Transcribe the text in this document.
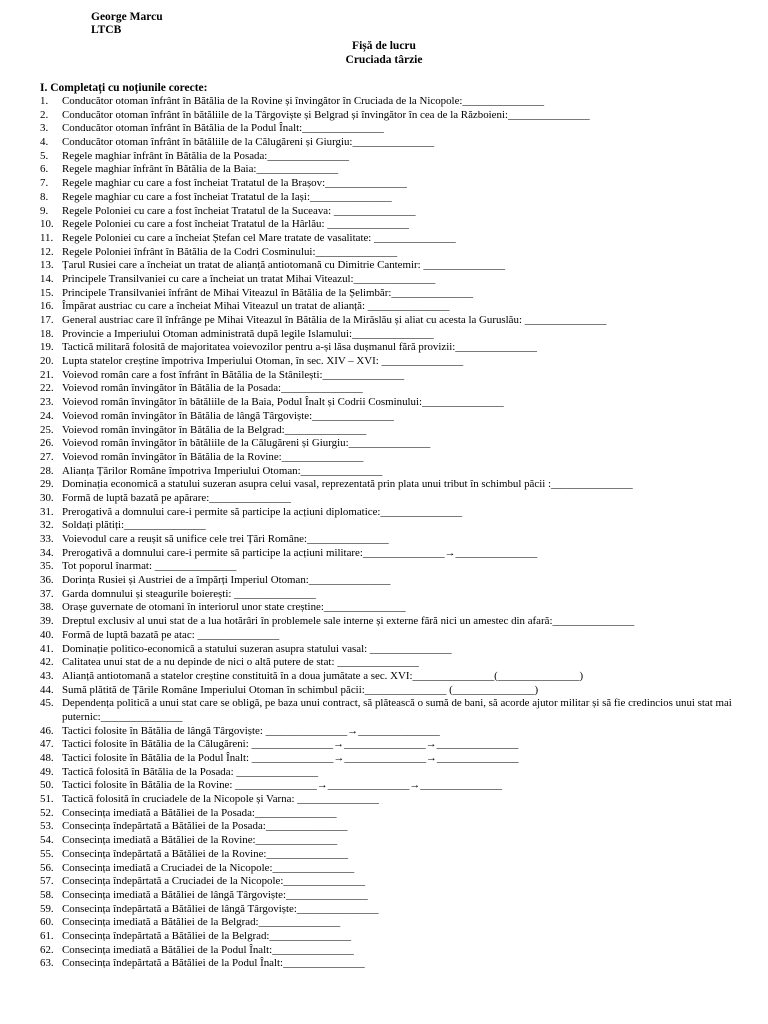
George Marcu
LTCB
Fișă de lucru
Cruciada târzie
I. Completați cu noțiunile corecte:
1.	Conducător otoman înfrânt în Bătălia de la Rovine și învingător în Cruciada de la Nicopole:_______________
2.	Conducător otoman înfrânt în bătăliile de la Târgoviște și Belgrad și învingător în cea de la Războieni:_______________
3.	Conducător otoman înfrânt în Bătălia de la Podul Înalt:_______________
4.	Conducător otoman înfrânt în bătăliile de la Călugăreni și Giurgiu:_______________
5.	Regele maghiar înfrânt în Bătălia de la Posada:_______________
6.	Regele maghiar înfrânt în Bătălia de la Baia:_______________
7.	Regele maghiar cu care a fost încheiat Tratatul de la Brașov:_______________
8.	Regele maghiar cu care a fost încheiat Tratatul de la Iași:_______________
9.	Regele Poloniei cu care a fost încheiat Tratatul de la Suceava: _______________
10. Regele Poloniei cu care a fost încheiat Tratatul de la Hârlău: _______________
11. Regele Poloniei cu care a încheiat Ștefan cel Mare tratate de vasalitate: _______________
12. Regele Poloniei înfrânt în Bătălia de la Codri Cosminului:_______________
13. Țarul Rusiei care a încheiat un tratat de alianță antiotomană cu Dimitrie Cantemir: _______________
14. Principele Transilvaniei cu care a încheiat un tratat Mihai Viteazul:_______________
15. Principele Transilvaniei înfrânt de Mihai Viteazul în Bătălia de la Șelimbăr:_______________
16. Împărat austriac cu care a încheiat Mihai Viteazul un tratat de alianță: _______________
17. General austriac care îl înfrânge pe Mihai Viteazul în Bătălia de la Mirăslău și aliat cu acesta la Guruslău: _______________
18. Provincie a Imperiului Otoman administrată după legile Islamului:_______________
19. Tactică militară folosită de majoritatea voievozilor pentru a-și lăsa dușmanul fără provizii:_______________
20. Lupta statelor creștine împotriva Imperiului Otoman, în sec. XIV – XVI: _______________
21. Voievod român care a fost înfrânt în Bătălia de la Stânilești:_______________
22. Voievod român învingător în Bătălia de la Posada:_______________
23. Voievod român învingător în bătăliile de la Baia, Podul Înalt și Codrii Cosminului:_______________
24. Voievod român învingător în Bătălia de lângă Târgoviște:_______________
25. Voievod român învingător în Bătălia de la Belgrad:_______________
26. Voievod român învingător în bătăliile de la Călugăreni și Giurgiu:_______________
27. Voievod român învingător în Bătălia de la Rovine:_______________
28. Alianța Țărilor Române împotriva Imperiului Otoman:_______________
29. Dominația economică a statului suzeran asupra celui vasal, reprezentată prin plata unui tribut în schimbul păcii :_______________
30. Formă de luptă bazată pe apărare:_______________
31. Prerogativă a domnului care-i permite să participe la acțiuni diplomatice:_______________
32. Soldați plătiți:_______________
33. Voievodul care a reușit să unifice cele trei Țări Române:_______________
34. Prerogativă a domnului care-i permite să participe la acțiuni militare:_______________→_______________
35. Tot poporul înarmat: _______________
36. Dorința Rusiei și Austriei de a împărți Imperiul Otoman:_______________
37. Garda domnului și steagurile boierești: _______________
38. Orașe guvernate de otomani în interiorul unor state creștine:_______________
39. Dreptul exclusiv al unui stat de a lua hotărâri în problemele sale interne și externe fără nici un amestec din afară:_______________
40. Formă de luptă bazată pe atac: _______________
41. Dominație politico-economică a statului suzeran asupra statului vasal: _______________
42. Calitatea unui stat de a nu depinde de nici o altă putere de stat: _______________
43. Alianță antiotomană a statelor creștine constituită în a doua jumătate a sec. XVI:_______________(_______________)
44. Sumă plătită de Țările Române Imperiului Otoman în schimbul păcii:_______________ (_______________)
45. Dependența politică a unui stat care se obligă, pe baza unui contract, să plătească o sumă de bani, să acorde ajutor militar și să fie credincios unui stat mai puternic:_______________
46. Tactici folosite în Bătălia de lângă Târgoviște: _______________→_______________
47. Tactici folosite în Bătălia de la Călugăreni: _______________→_______________→_______________
48. Tactici folosite în Bătălia de la Podul Înalt: _______________→_______________→_______________
49. Tactică folosită în Bătălia de la Posada: _______________
50. Tactici folosite în Bătălia de la Rovine: _______________→_______________→_______________
51. Tactică folosită în cruciadele de la Nicopole și Varna: _______________
52. Consecința imediată a Bătăliei de la Posada:_______________
53. Consecința îndepărtată a Bătăliei de la Posada:_______________
54. Consecința imediată a Bătăliei de la Rovine:_______________
55. Consecința îndepărtată a Bătăliei de la Rovine:_______________
56. Consecința imediată a Cruciadei de la Nicopole:_______________
57. Consecința îndepărtată a Cruciadei de la Nicopole:_______________
58. Consecința imediată a Bătăliei de lângă Târgoviște:_______________
59. Consecința îndepărtată a Bătăliei de lângă Târgoviște:_______________
60. Consecința imediată a Bătăliei de la Belgrad:_______________
61. Consecința îndepărtată a Bătăliei de la Belgrad:_______________
62. Consecința imediată a Bătăliei de la Podul Înalt:_______________
63. Consecința îndepărtată a Bătăliei de la Podul Înalt:_______________
